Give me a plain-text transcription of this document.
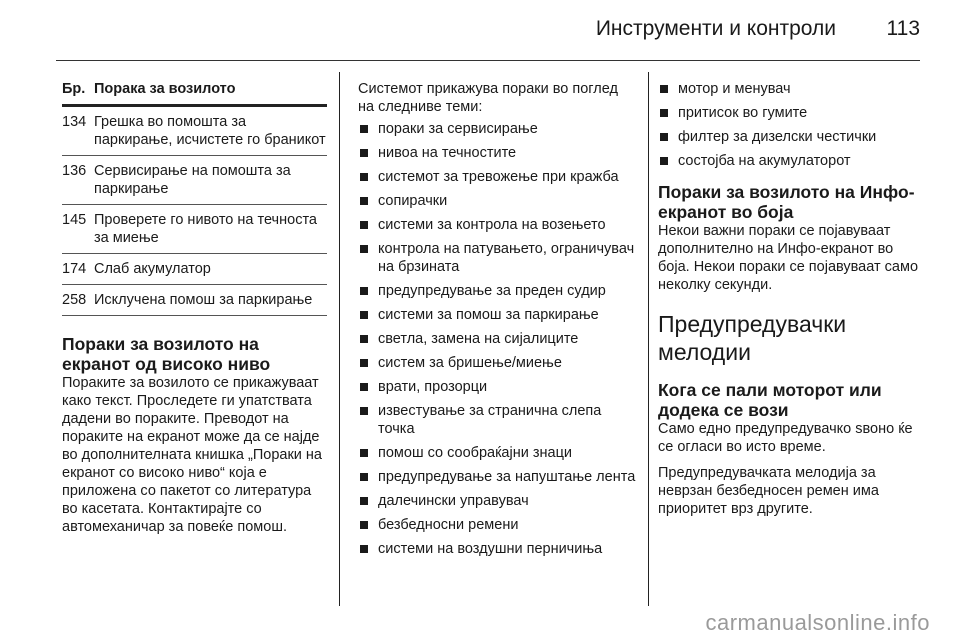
Инструменти и контроли 113
Бр. Порака за возилото
134 Грешка во помошта за паркирање, исчистете го браникот
136 Сервисирање на помошта за паркирање
145 Проверете го нивото на течноста за миење
174 Слаб акумулатор
258 Исклучена помош за паркирање
Пораки за возилото на екранот од високо ниво

Пораките за возилото се прикажуваат како текст. Проследете ги упатствата дадени во пораките. Преводот на пораките на екранот може да се најде во дополнителната книшка „Пораки на екранот со високо ниво“ која е приложена со пакетот со литература во касетата. Контактирајте со автомеханичар за повеќе помош.

Системот прикажува пораки во поглед на следниве теми:

пораки за сервисирање
нивоа на течностите
системот за тревожење при кражба
сопирачки
системи за контрола на возењето
контрола на патувањето, ограничувач на брзината
предупредување за преден судир
системи за помош за паркирање
светла, замена на сијалиците
систем за бришење/миење
врати, прозорци
известување за странична слепа точка
помош со сообраќајни знаци
предупредување за напуштање лента
далечински управувач
безбедносни ремени
системи на воздушни перничиња
мотор и менувач
притисок во гумите
филтер за дизелски честички
состојба на акумулаторот
Пораки за возилото на Инфо-екранот во боја

Некои важни пораки се појавуваат дополнително на Инфо-екранот во боја. Некои пораки се појавуваат само неколку секунди.

Предупредувачки мелодии
Кога се пали моторот или додека се вози

Само едно предупредувачко ѕвоно ќе се огласи во исто време.

Предупредувачката мелодија за неврзан безбедносен ремен има приоритет врз другите.

carmanualsonline.info
